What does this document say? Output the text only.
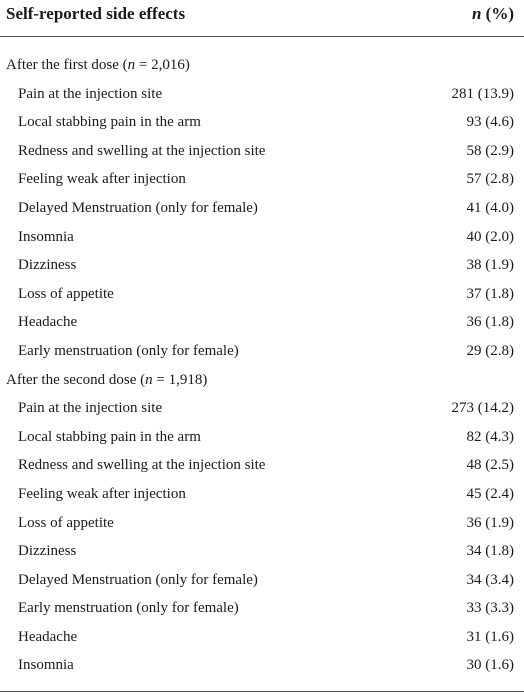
Self-reported side effects	n (%)
After the first dose (n = 2,016)
Pain at the injection site	281 (13.9)
Local stabbing pain in the arm	93 (4.6)
Redness and swelling at the injection site	58 (2.9)
Feeling weak after injection	57 (2.8)
Delayed Menstruation (only for female)	41 (4.0)
Insomnia	40 (2.0)
Dizziness	38 (1.9)
Loss of appetite	37 (1.8)
Headache	36 (1.8)
Early menstruation (only for female)	29 (2.8)
After the second dose (n = 1,918)
Pain at the injection site	273 (14.2)
Local stabbing pain in the arm	82 (4.3)
Redness and swelling at the injection site	48 (2.5)
Feeling weak after injection	45 (2.4)
Loss of appetite	36 (1.9)
Dizziness	34 (1.8)
Delayed Menstruation (only for female)	34 (3.4)
Early menstruation (only for female)	33 (3.3)
Headache	31 (1.6)
Insomnia	30 (1.6)
